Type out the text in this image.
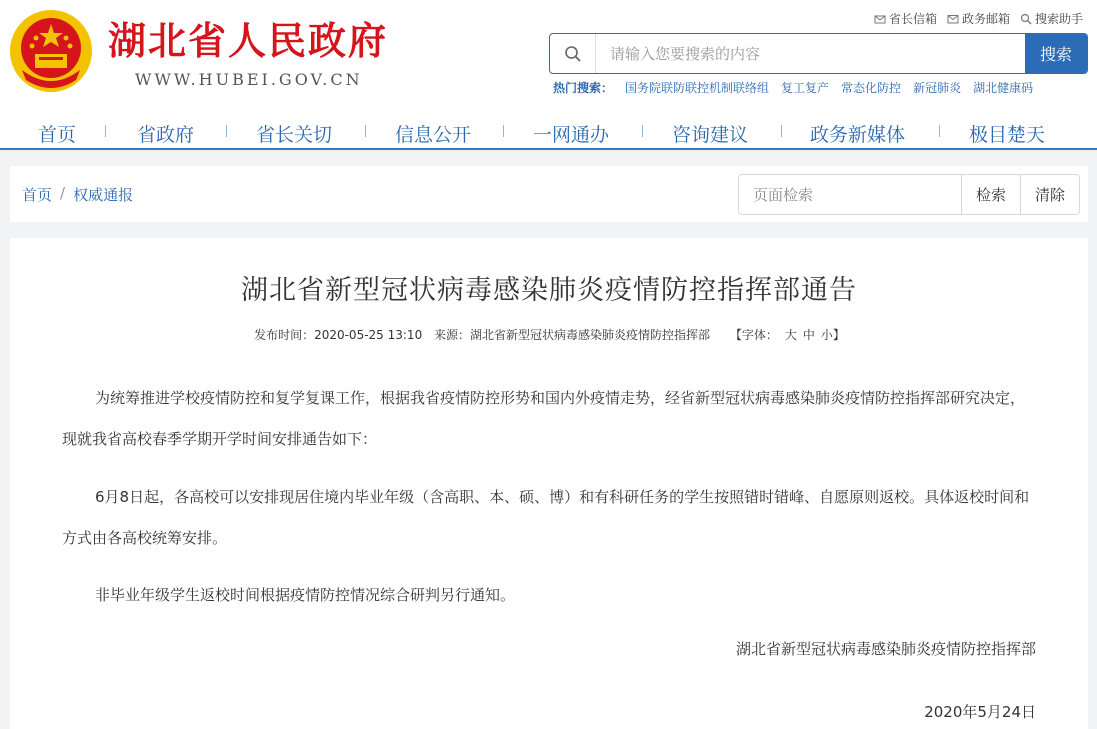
湖北省人民政府
WWW.HUBEI.GOV.CN
省长信箱 政务邮箱 搜索助手
请输入您要搜索的内容
搜索
热门搜索： 国务院联防联控机制联络组 复工复产 常态化防控 新冠肺炎 湖北健康码
首页	省政府	省长关切	信息公开	一网通办	咨询建议	政务新媒体	极目楚天
首页 / 权威通报
页面检索	检索	清除
湖北省新型冠状病毒感染肺炎疫情防控指挥部通告
发布时间：2020-05-25 13:10 来源：湖北省新型冠状病毒感染肺炎疫情防控指挥部 【字体： 大 中 小】

为统筹推进学校疫情防控和复学复课工作，根据我省疫情防控形势和国内外疫情走势，经省新型冠状病毒感染肺炎疫情防控指挥部研究决定，现就我省高校春季学期开学时间安排通告如下：

6月8日起，各高校可以安排现居住境内毕业年级（含高职、本、硕、博）和有科研任务的学生按照错时错峰、自愿原则返校。具体返校时间和方式由各高校统筹安排。

非毕业年级学生返校时间根据疫情防控情况综合研判另行通知。

湖北省新型冠状病毒感染肺炎疫情防控指挥部
2020年5月24日
